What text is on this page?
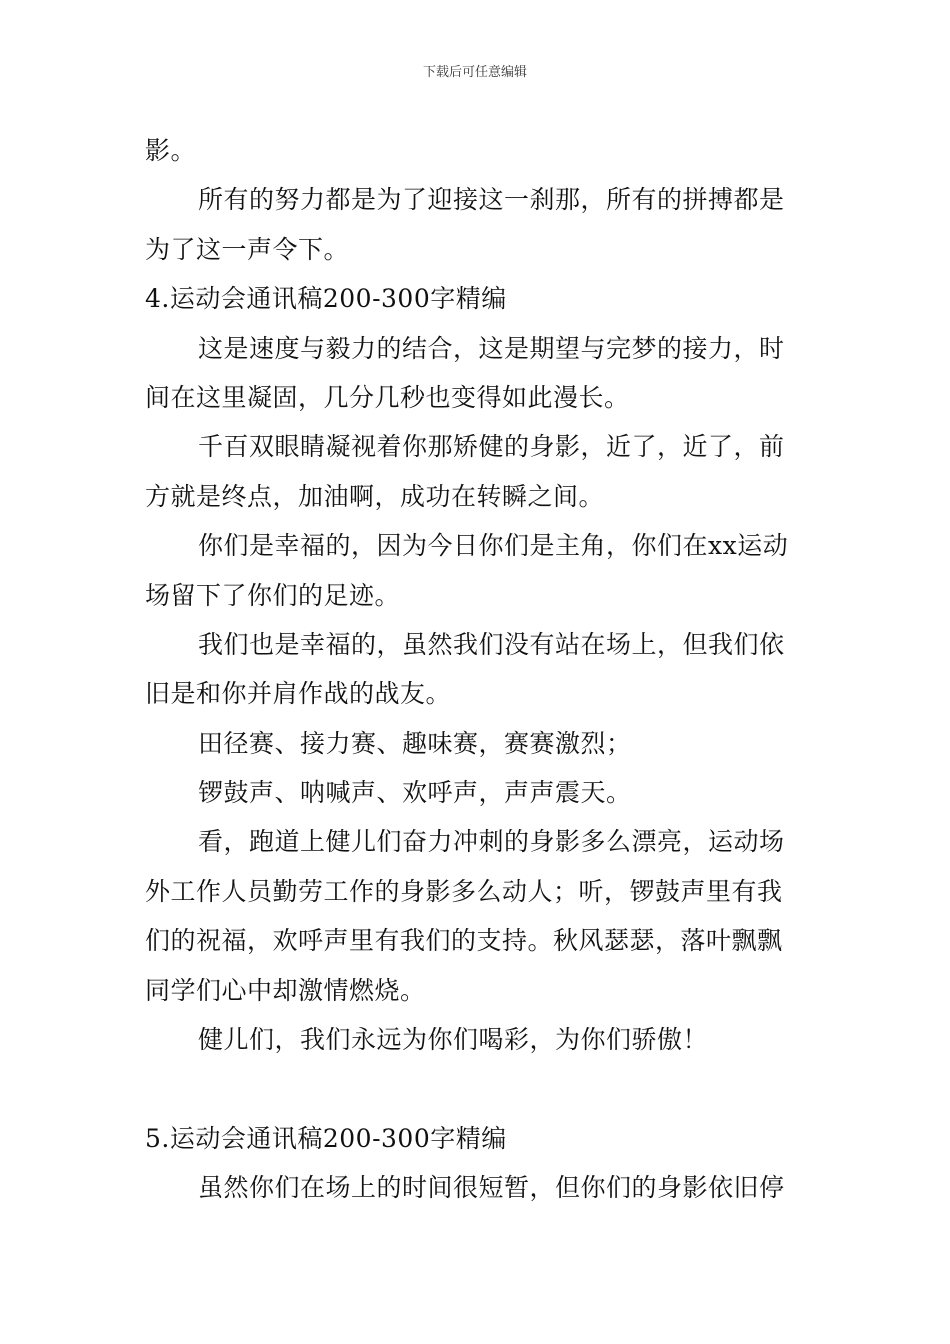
下载后可任意编辑
影。
所有的努力都是为了迎接这一刹那，所有的拼搏都是
为了这一声令下。
4.运动会通讯稿200-300字精编
这是速度与毅力的结合，这是期望与完梦的接力，时
间在这里凝固，几分几秒也变得如此漫长。
千百双眼睛凝视着你那矫健的身影，近了，近了，前
方就是终点，加油啊，成功在转瞬之间。
你们是幸福的，因为今日你们是主角，你们在xx运动
场留下了你们的足迹。
我们也是幸福的，虽然我们没有站在场上，但我们依
旧是和你并肩作战的战友。
田径赛、接力赛、趣味赛，赛赛激烈；
锣鼓声、呐喊声、欢呼声，声声震天。
看，跑道上健儿们奋力冲刺的身影多么漂亮，运动场
外工作人员勤劳工作的身影多么动人；听，锣鼓声里有我
们的祝福，欢呼声里有我们的支持。秋风瑟瑟，落叶飘飘
同学们心中却激情燃烧。
健儿们，我们永远为你们喝彩，为你们骄傲！
5.运动会通讯稿200-300字精编
虽然你们在场上的时间很短暂，但你们的身影依旧停
